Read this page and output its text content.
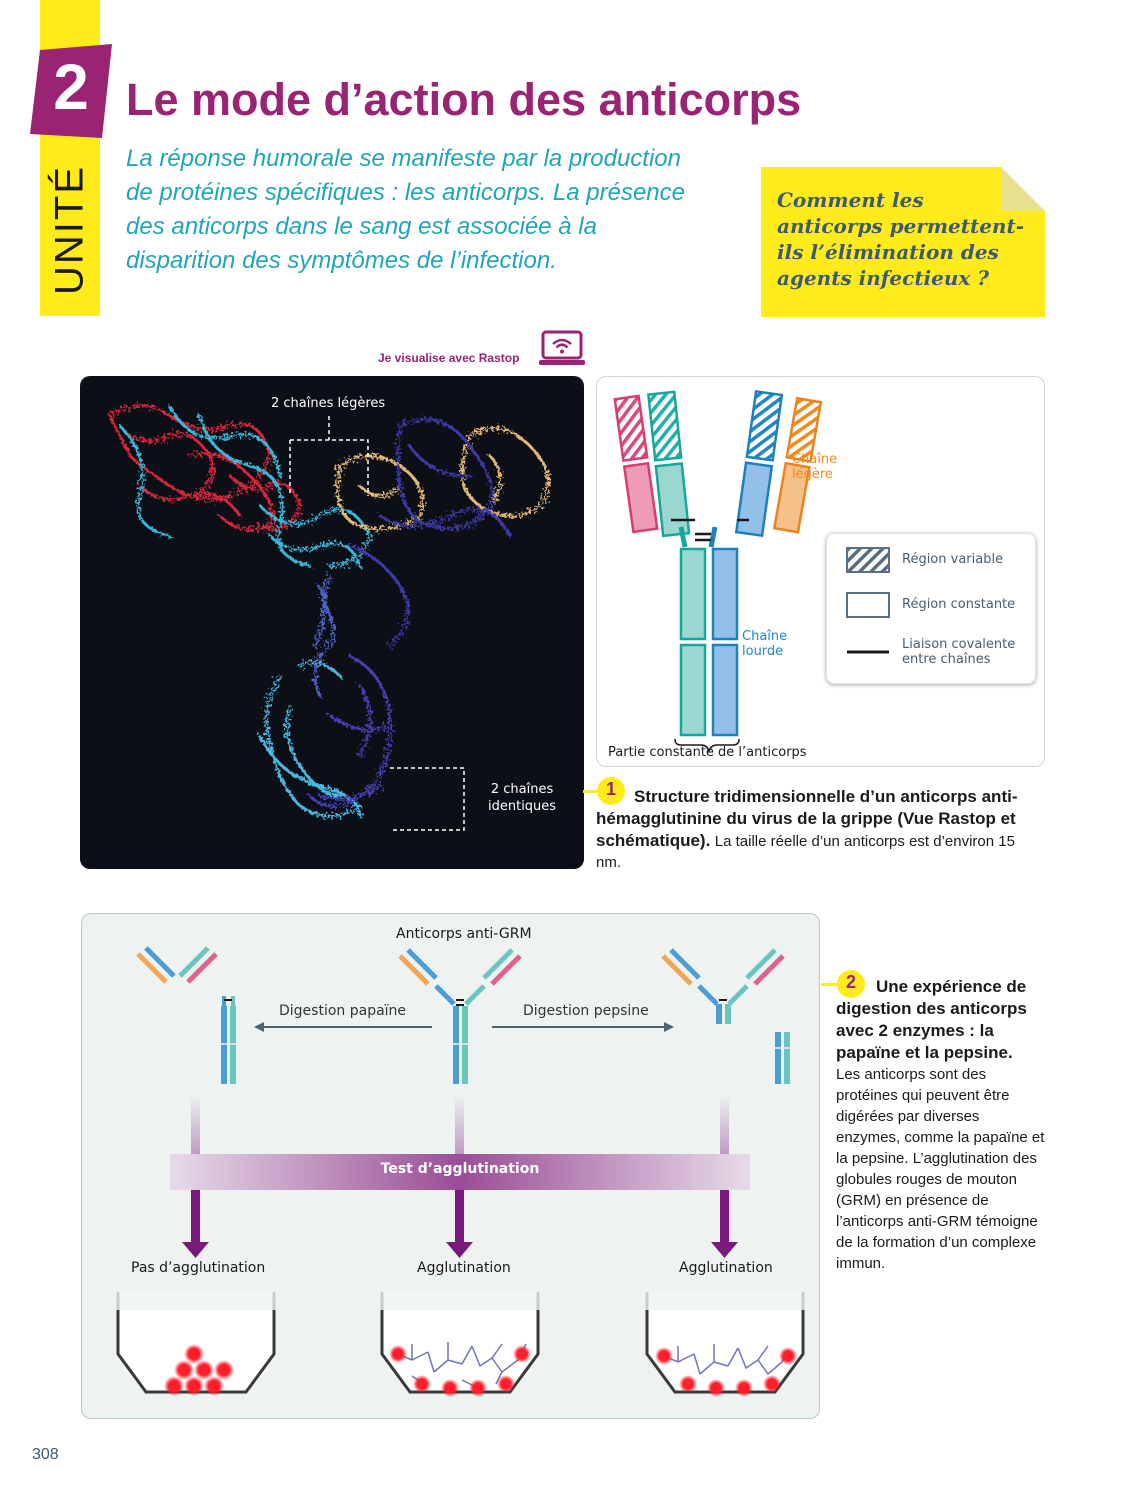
UNITÉ
2 Le mode d’action des anticorps
La réponse humorale se manifeste par la production de protéines spécifiques : les anticorps. La présence des anticorps dans le sang est associée à la disparition des symptômes de l’infection.

Comment les anticorps permettent-ils l’élimination des agents infectieux ?

Je visualise avec Rastop
2 chaînes légères
2 chaînes
identiques
Chaîne
légère
Chaîne
lourde
Partie constante de l’anticorps
Région variable
Région constante
Liaison covalente
entre chaînes
1	Structure tridimensionnelle d’un anticorps anti-hémagglutinine du virus de la grippe (Vue Rastop et schématique). La taille réelle d’un anticorps est d’environ 15 nm.
Anticorps anti-GRM
Digestion papaïne	Digestion pepsine
Test d’agglutination
Pas d’agglutination	Agglutination	Agglutination
2	Une expérience de digestion des anticorps avec 2 enzymes : la papaïne et la pepsine.
Les anticorps sont des protéines qui peuvent être digérées par diverses enzymes, comme la papaïne et la pepsine. L’agglutination des globules rouges de mouton (GRM) en présence de l’anticorps anti-GRM témoigne de la formation d’un complexe immun.
308
